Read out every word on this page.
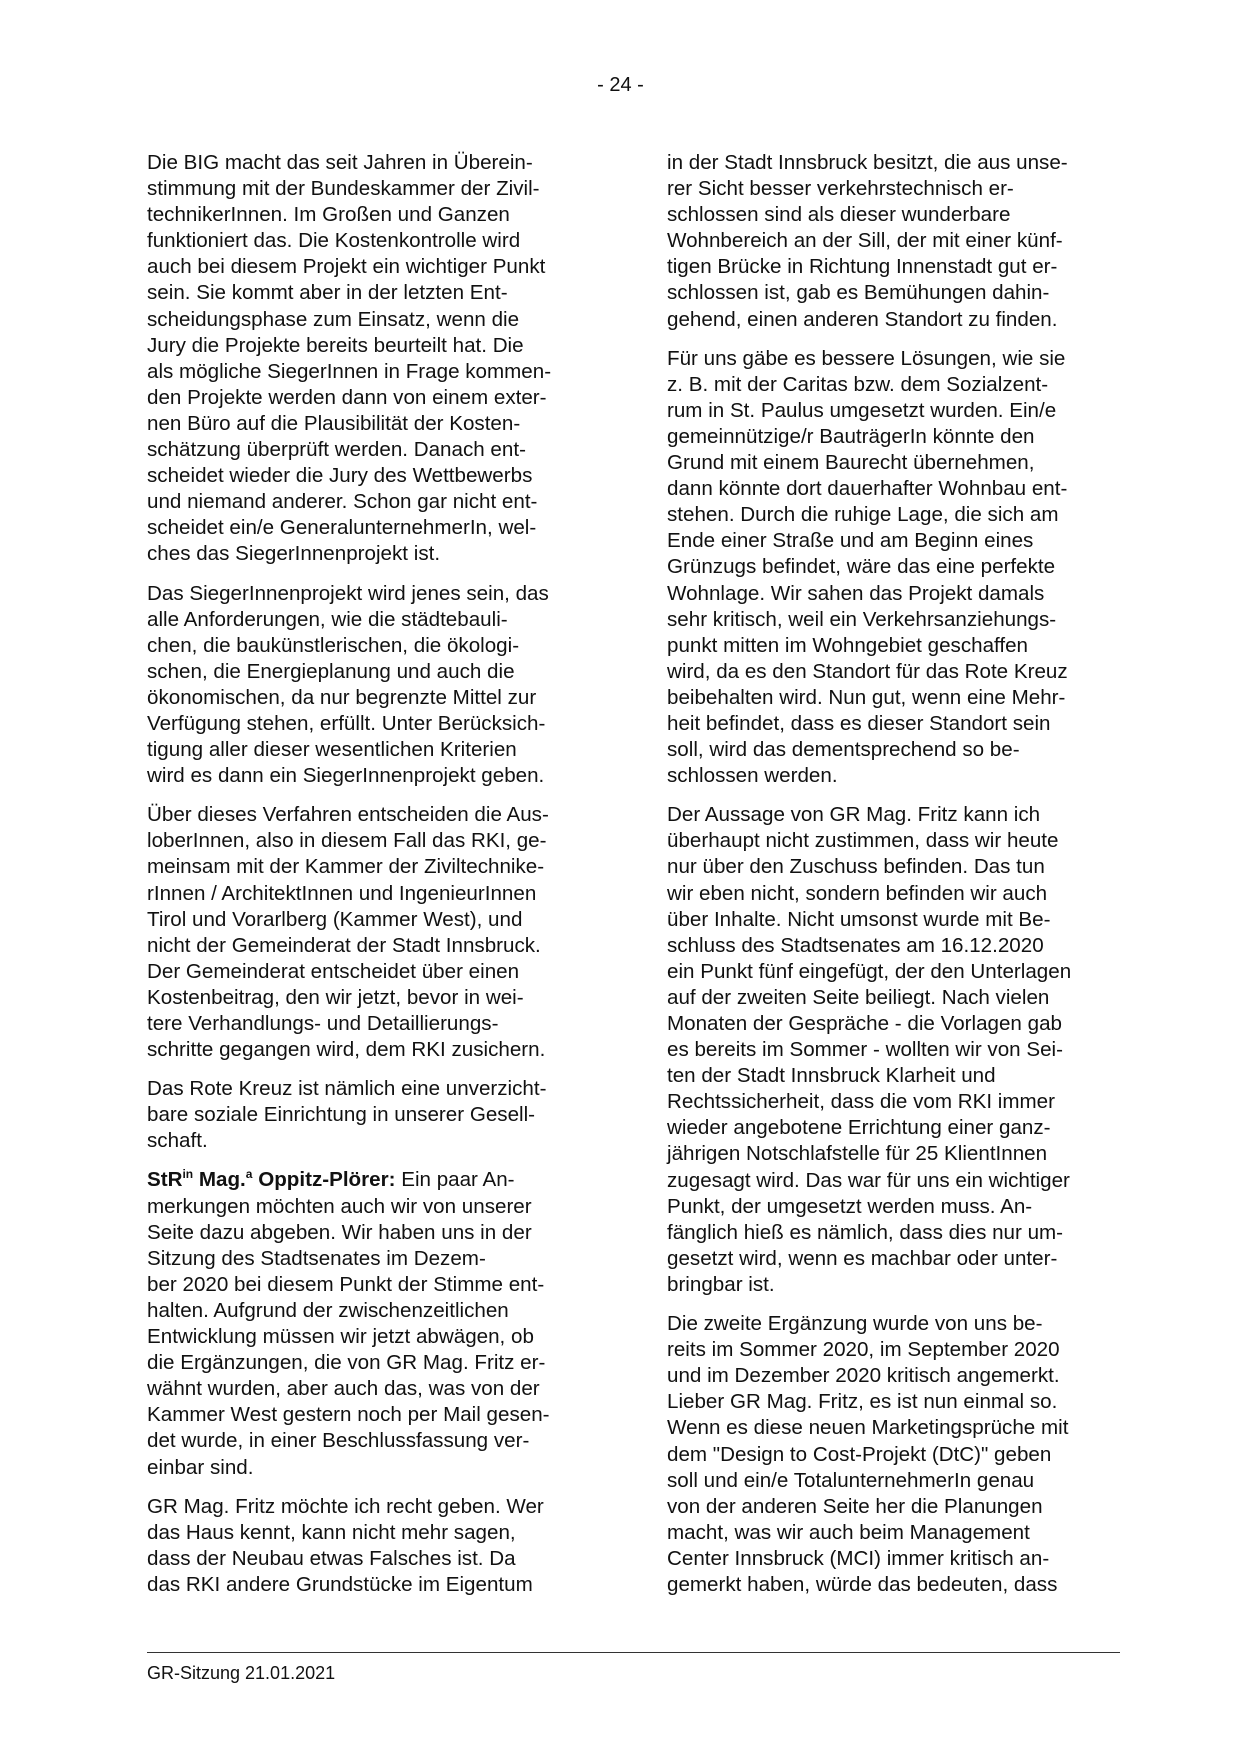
- 24 -

Die BIG macht das seit Jahren in Überein-
stimmung mit der Bundeskammer der Zivil-
technikerInnen. Im Großen und Ganzen
funktioniert das. Die Kostenkontrolle wird
auch bei diesem Projekt ein wichtiger Punkt
sein. Sie kommt aber in der letzten Ent-
scheidungsphase zum Einsatz, wenn die
Jury die Projekte bereits beurteilt hat. Die
als mögliche SiegerInnen in Frage kommen-
den Projekte werden dann von einem exter-
nen Büro auf die Plausibilität der Kosten-
schätzung überprüft werden. Danach ent-
scheidet wieder die Jury des Wettbewerbs
und niemand anderer. Schon gar nicht ent-
scheidet ein/e GeneralunternehmerIn, wel-
ches das SiegerInnenprojekt ist.

Das SiegerInnenprojekt wird jenes sein, das
alle Anforderungen, wie die städtebauli-
chen, die baukünstlerischen, die ökologi-
schen, die Energieplanung und auch die
ökonomischen, da nur begrenzte Mittel zur
Verfügung stehen, erfüllt. Unter Berücksich-
tigung aller dieser wesentlichen Kriterien
wird es dann ein SiegerInnenprojekt geben.

Über dieses Verfahren entscheiden die Aus-
loberInnen, also in diesem Fall das RKI, ge-
meinsam mit der Kammer der Ziviltechnike-
rInnen / ArchitektInnen und IngenieurInnen
Tirol und Vorarlberg (Kammer West), und
nicht der Gemeinderat der Stadt Innsbruck.
Der Gemeinderat entscheidet über einen
Kostenbeitrag, den wir jetzt, bevor in wei-
tere Verhandlungs- und Detaillierungs-
schritte gegangen wird, dem RKI zusichern.

Das Rote Kreuz ist nämlich eine unverzicht-
bare soziale Einrichtung in unserer Gesell-
schaft.

StR$^{in}$ Mag.$^a$ Oppitz-Plörer: Ein paar An-
merkungen möchten auch wir von unserer
Seite dazu abgeben. Wir haben uns in der
Sitzung des Stadtsenates im Dezem-
ber 2020 bei diesem Punkt der Stimme ent-
halten. Aufgrund der zwischenzeitlichen
Entwicklung müssen wir jetzt abwägen, ob
die Ergänzungen, die von GR Mag. Fritz er-
wähnt wurden, aber auch das, was von der
Kammer West gestern noch per Mail gesen-
det wurde, in einer Beschlussfassung ver-
einbar sind.

GR Mag. Fritz möchte ich recht geben. Wer
das Haus kennt, kann nicht mehr sagen,
dass der Neubau etwas Falsches ist. Da
das RKI andere Grundstücke im Eigentum

in der Stadt Innsbruck besitzt, die aus unse-
rer Sicht besser verkehrstechnisch er-
schlossen sind als dieser wunderbare
Wohnbereich an der Sill, der mit einer künf-
tigen Brücke in Richtung Innenstadt gut er-
schlossen ist, gab es Bemühungen dahin-
gehend, einen anderen Standort zu finden.

Für uns gäbe es bessere Lösungen, wie sie
z. B. mit der Caritas bzw. dem Sozialzent-
rum in St. Paulus umgesetzt wurden. Ein/e
gemeinnützige/r BauträgerIn könnte den
Grund mit einem Baurecht übernehmen,
dann könnte dort dauerhafter Wohnbau ent-
stehen. Durch die ruhige Lage, die sich am
Ende einer Straße und am Beginn eines
Grünzugs befindet, wäre das eine perfekte
Wohnlage. Wir sahen das Projekt damals
sehr kritisch, weil ein Verkehrsanziehungs-
punkt mitten im Wohngebiet geschaffen
wird, da es den Standort für das Rote Kreuz
beibehalten wird. Nun gut, wenn eine Mehr-
heit befindet, dass es dieser Standort sein
soll, wird das dementsprechend so be-
schlossen werden.

Der Aussage von GR Mag. Fritz kann ich
überhaupt nicht zustimmen, dass wir heute
nur über den Zuschuss befinden. Das tun
wir eben nicht, sondern befinden wir auch
über Inhalte. Nicht umsonst wurde mit Be-
schluss des Stadtsenates am 16.12.2020
ein Punkt fünf eingefügt, der den Unterlagen
auf der zweiten Seite beiliegt. Nach vielen
Monaten der Gespräche - die Vorlagen gab
es bereits im Sommer - wollten wir von Sei-
ten der Stadt Innsbruck Klarheit und
Rechtssicherheit, dass die vom RKI immer
wieder angebotene Errichtung einer ganz-
jährigen Notschlafstelle für 25 KlientInnen
zugesagt wird. Das war für uns ein wichtiger
Punkt, der umgesetzt werden muss. An-
fänglich hieß es nämlich, dass dies nur um-
gesetzt wird, wenn es machbar oder unter-
bringbar ist.

Die zweite Ergänzung wurde von uns be-
reits im Sommer 2020, im September 2020
und im Dezember 2020 kritisch angemerkt.
Lieber GR Mag. Fritz, es ist nun einmal so.
Wenn es diese neuen Marketingsprüche mit
dem "Design to Cost-Projekt (DtC)" geben
soll und ein/e TotalunternehmerIn genau
von der anderen Seite her die Planungen
macht, was wir auch beim Management
Center Innsbruck (MCI) immer kritisch an-
gemerkt haben, würde das bedeuten, dass

GR-Sitzung 21.01.2021
